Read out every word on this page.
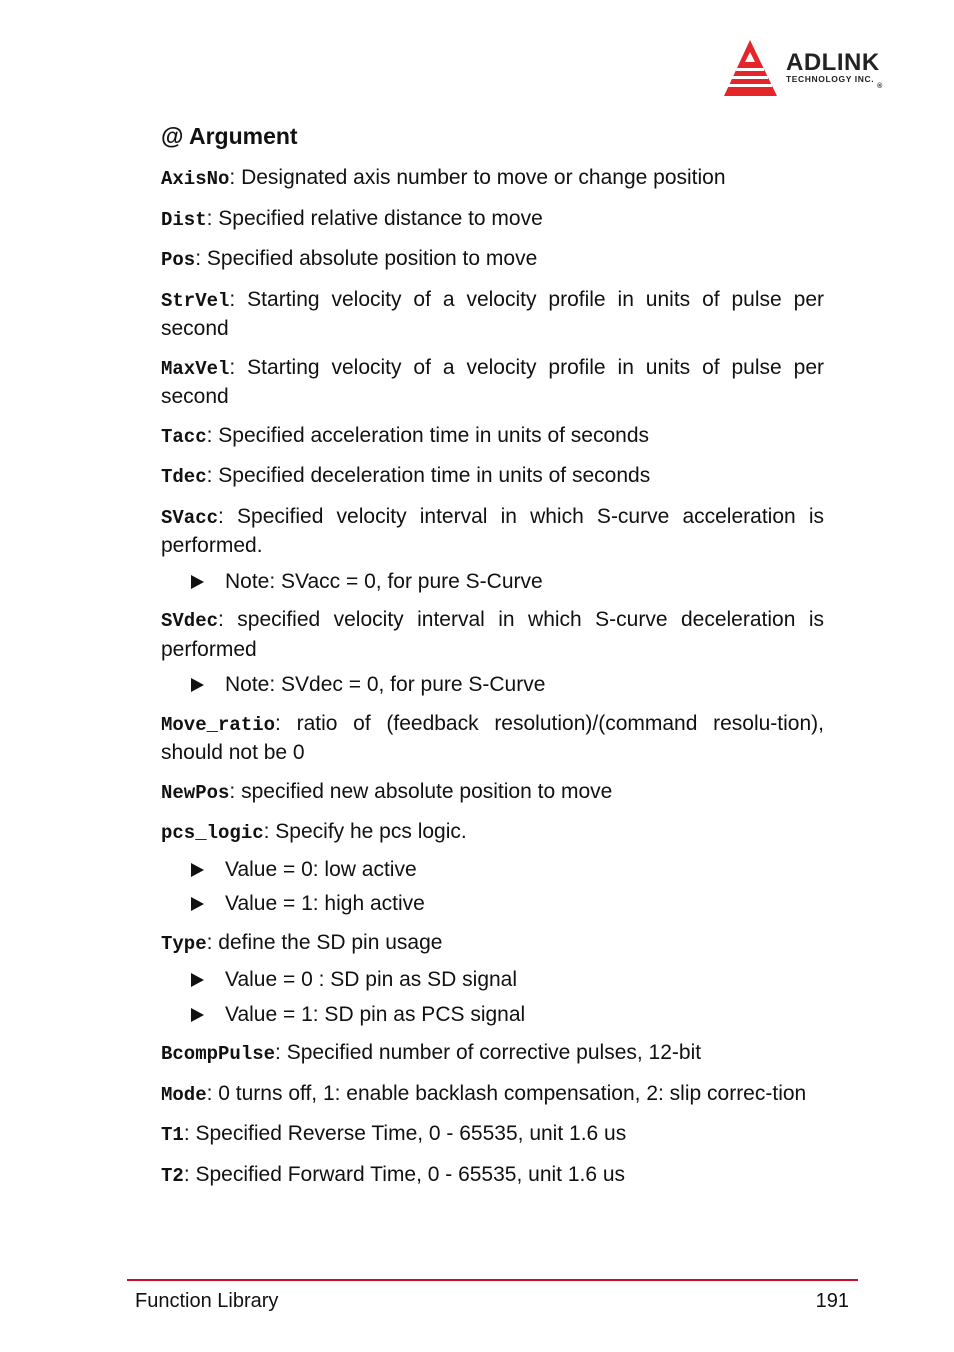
ADLINK
TECHNOLOGY INC. $_®$
@ Argument

AxisNo: Designated axis number to move or change position

Dist: Specified relative distance to move

Pos: Specified absolute position to move

StrVel: Starting velocity of a velocity profile in units of pulse per second

MaxVel: Starting velocity of a velocity profile in units of pulse per second

Tacc: Specified acceleration time in units of seconds

Tdec: Specified deceleration time in units of seconds

SVacc: Specified velocity interval in which S-curve acceleration is performed.

Note: SVacc = 0, for pure S-Curve

SVdec: specified velocity interval in which S-curve deceleration is performed

Note: SVdec = 0, for pure S-Curve

Move_ratio: ratio of (feedback resolution)/(command resolu-tion), should not be 0

NewPos: specified new absolute position to move

pcs_logic: Specify he pcs logic.

Value = 0: low active
Value = 1: high active

Type: define the SD pin usage

Value = 0 : SD pin as SD signal
Value = 1: SD pin as PCS signal

BcompPulse: Specified number of corrective pulses, 12-bit

Mode: 0 turns off, 1: enable backlash compensation, 2: slip correc-tion

T1: Specified Reverse Time, 0 - 65535, unit 1.6 us

T2: Specified Forward Time, 0 - 65535, unit 1.6 us

Function Library	191
